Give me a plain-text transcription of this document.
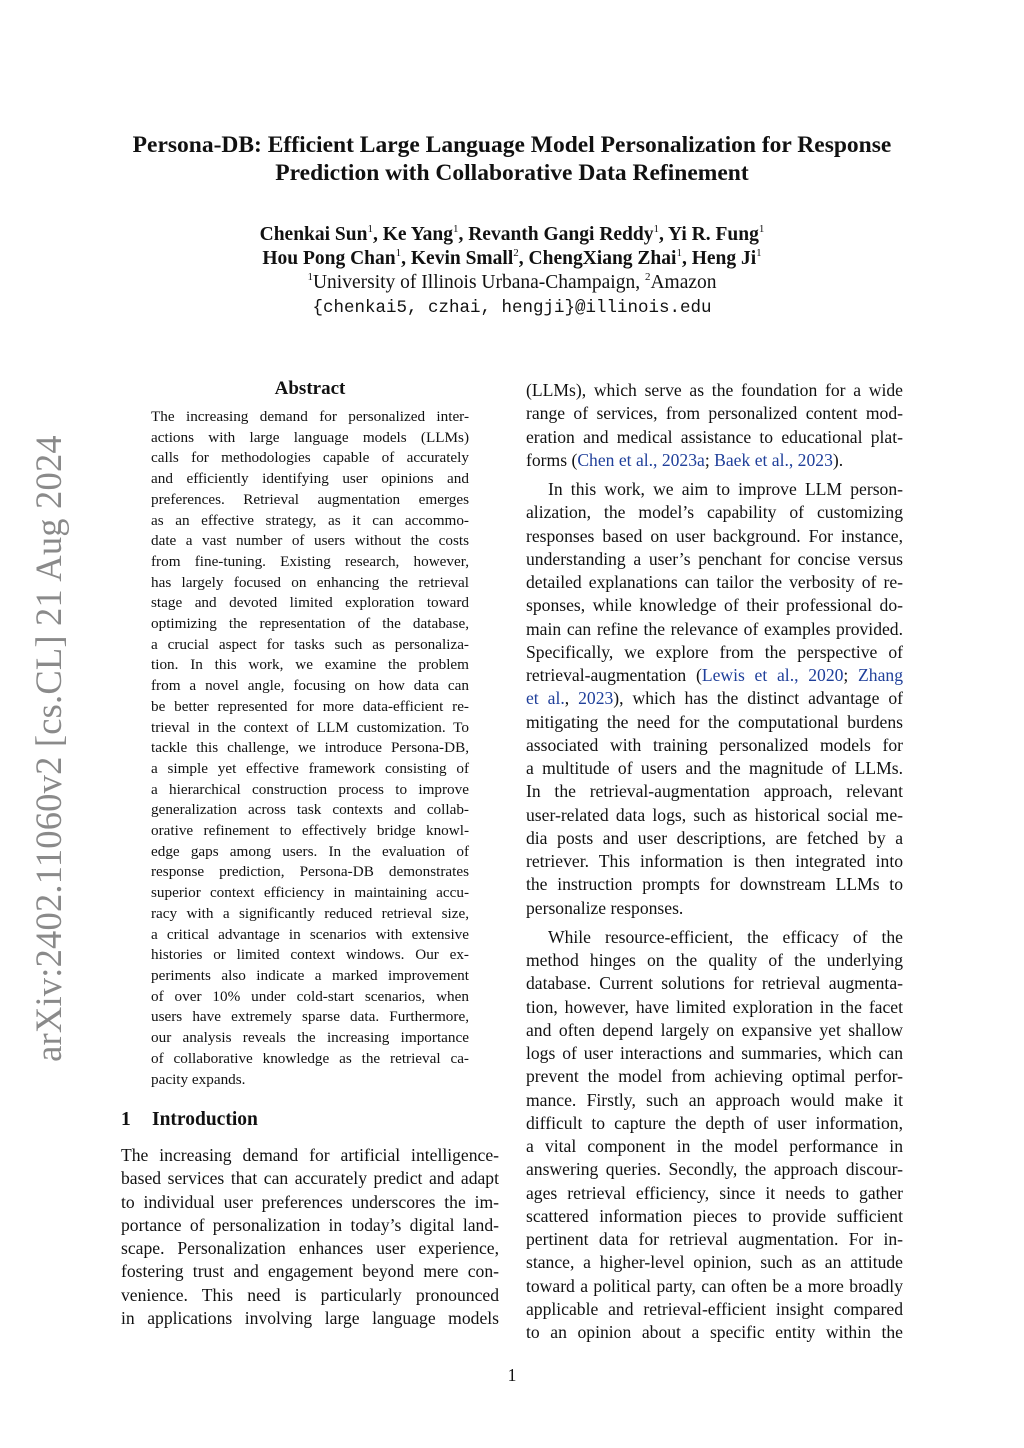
arXiv:2402.11060v2 [cs.CL] 21 Aug 2024
Persona-DB: Efficient Large Language Model Personalization for Response
Prediction with Collaborative Data Refinement
Chenkai Sun$^1$, Ke Yang$^1$, Revanth Gangi Reddy$^1$, Yi R. Fung$^1$
Hou Pong Chan$^1$, Kevin Small$^2$, ChengXiang Zhai$^1$, Heng Ji$^1$
$^1$University of Illinois Urbana-Champaign, $^2$Amazon
{chenkai5, czhai, hengji}@illinois.edu
Abstract
The increasing demand for personalized inter-
actions with large language models (LLMs)
calls for methodologies capable of accurately
and efficiently identifying user opinions and
preferences. Retrieval augmentation emerges
as an effective strategy, as it can accommo-
date a vast number of users without the costs
from fine-tuning. Existing research, however,
has largely focused on enhancing the retrieval
stage and devoted limited exploration toward
optimizing the representation of the database,
a crucial aspect for tasks such as personaliza-
tion. In this work, we examine the problem
from a novel angle, focusing on how data can
be better represented for more data-efficient re-
trieval in the context of LLM customization. To
tackle this challenge, we introduce Persona-DB,
a simple yet effective framework consisting of
a hierarchical construction process to improve
generalization across task contexts and collab-
orative refinement to effectively bridge knowl-
edge gaps among users. In the evaluation of
response prediction, Persona-DB demonstrates
superior context efficiency in maintaining accu-
racy with a significantly reduced retrieval size,
a critical advantage in scenarios with extensive
histories or limited context windows. Our ex-
periments also indicate a marked improvement
of over 10% under cold-start scenarios, when
users have extremely sparse data. Furthermore,
our analysis reveals the increasing importance
of collaborative knowledge as the retrieval ca-
pacity expands.
1 Introduction
The increasing demand for artificial intelligence-
based services that can accurately predict and adapt
to individual user preferences underscores the im-
portance of personalization in today’s digital land-
scape. Personalization enhances user experience,
fostering trust and engagement beyond mere con-
venience. This need is particularly pronounced
in applications involving large language models
(LLMs), which serve as the foundation for a wide
range of services, from personalized content mod-
eration and medical assistance to educational plat-
forms (Chen et al., 2023a; Baek et al., 2023).
In this work, we aim to improve LLM person-
alization, the model’s capability of customizing
responses based on user background. For instance,
understanding a user’s penchant for concise versus
detailed explanations can tailor the verbosity of re-
sponses, while knowledge of their professional do-
main can refine the relevance of examples provided.
Specifically, we explore from the perspective of
retrieval-augmentation (Lewis et al., 2020; Zhang
et al., 2023), which has the distinct advantage of
mitigating the need for the computational burdens
associated with training personalized models for
a multitude of users and the magnitude of LLMs.
In the retrieval-augmentation approach, relevant
user-related data logs, such as historical social me-
dia posts and user descriptions, are fetched by a
retriever. This information is then integrated into
the instruction prompts for downstream LLMs to
personalize responses.
While resource-efficient, the efficacy of the
method hinges on the quality of the underlying
database. Current solutions for retrieval augmenta-
tion, however, have limited exploration in the facet
and often depend largely on expansive yet shallow
logs of user interactions and summaries, which can
prevent the model from achieving optimal perfor-
mance. Firstly, such an approach would make it
difficult to capture the depth of user information,
a vital component in the model performance in
answering queries. Secondly, the approach discour-
ages retrieval efficiency, since it needs to gather
scattered information pieces to provide sufficient
pertinent data for retrieval augmentation. For in-
stance, a higher-level opinion, such as an attitude
toward a political party, can often be a more broadly
applicable and retrieval-efficient insight compared
to an opinion about a specific entity within the
1
